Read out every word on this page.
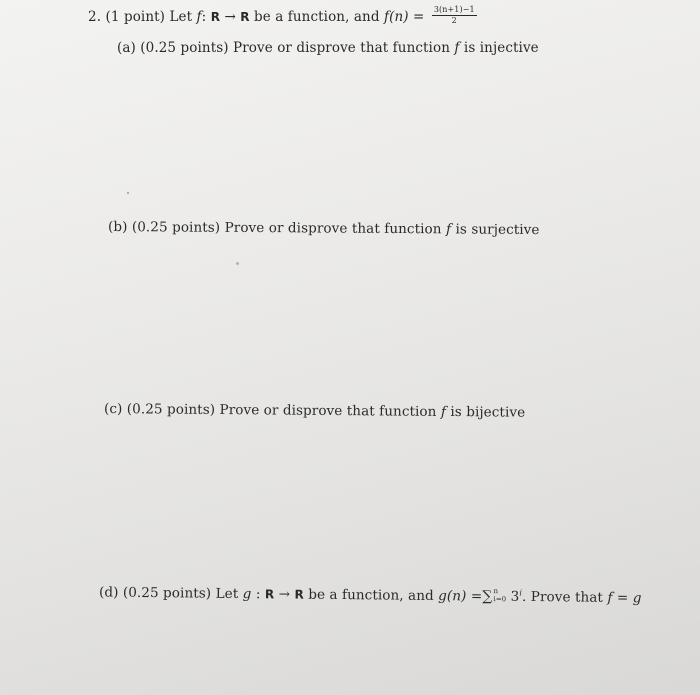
2. (1 point) Let f: R → R be a function, and $f(n) = \frac{3(n+1)-1}{2}$
(a) (0.25 points) Prove or disprove that function f is injective
(b) (0.25 points) Prove or disprove that function f is surjective
(c) (0.25 points) Prove or disprove that function f is bijective
(d) (0.25 points) Let g : R → R be a function, and g(n) =∑ n
i=0 3$^i$. Prove that f = g
